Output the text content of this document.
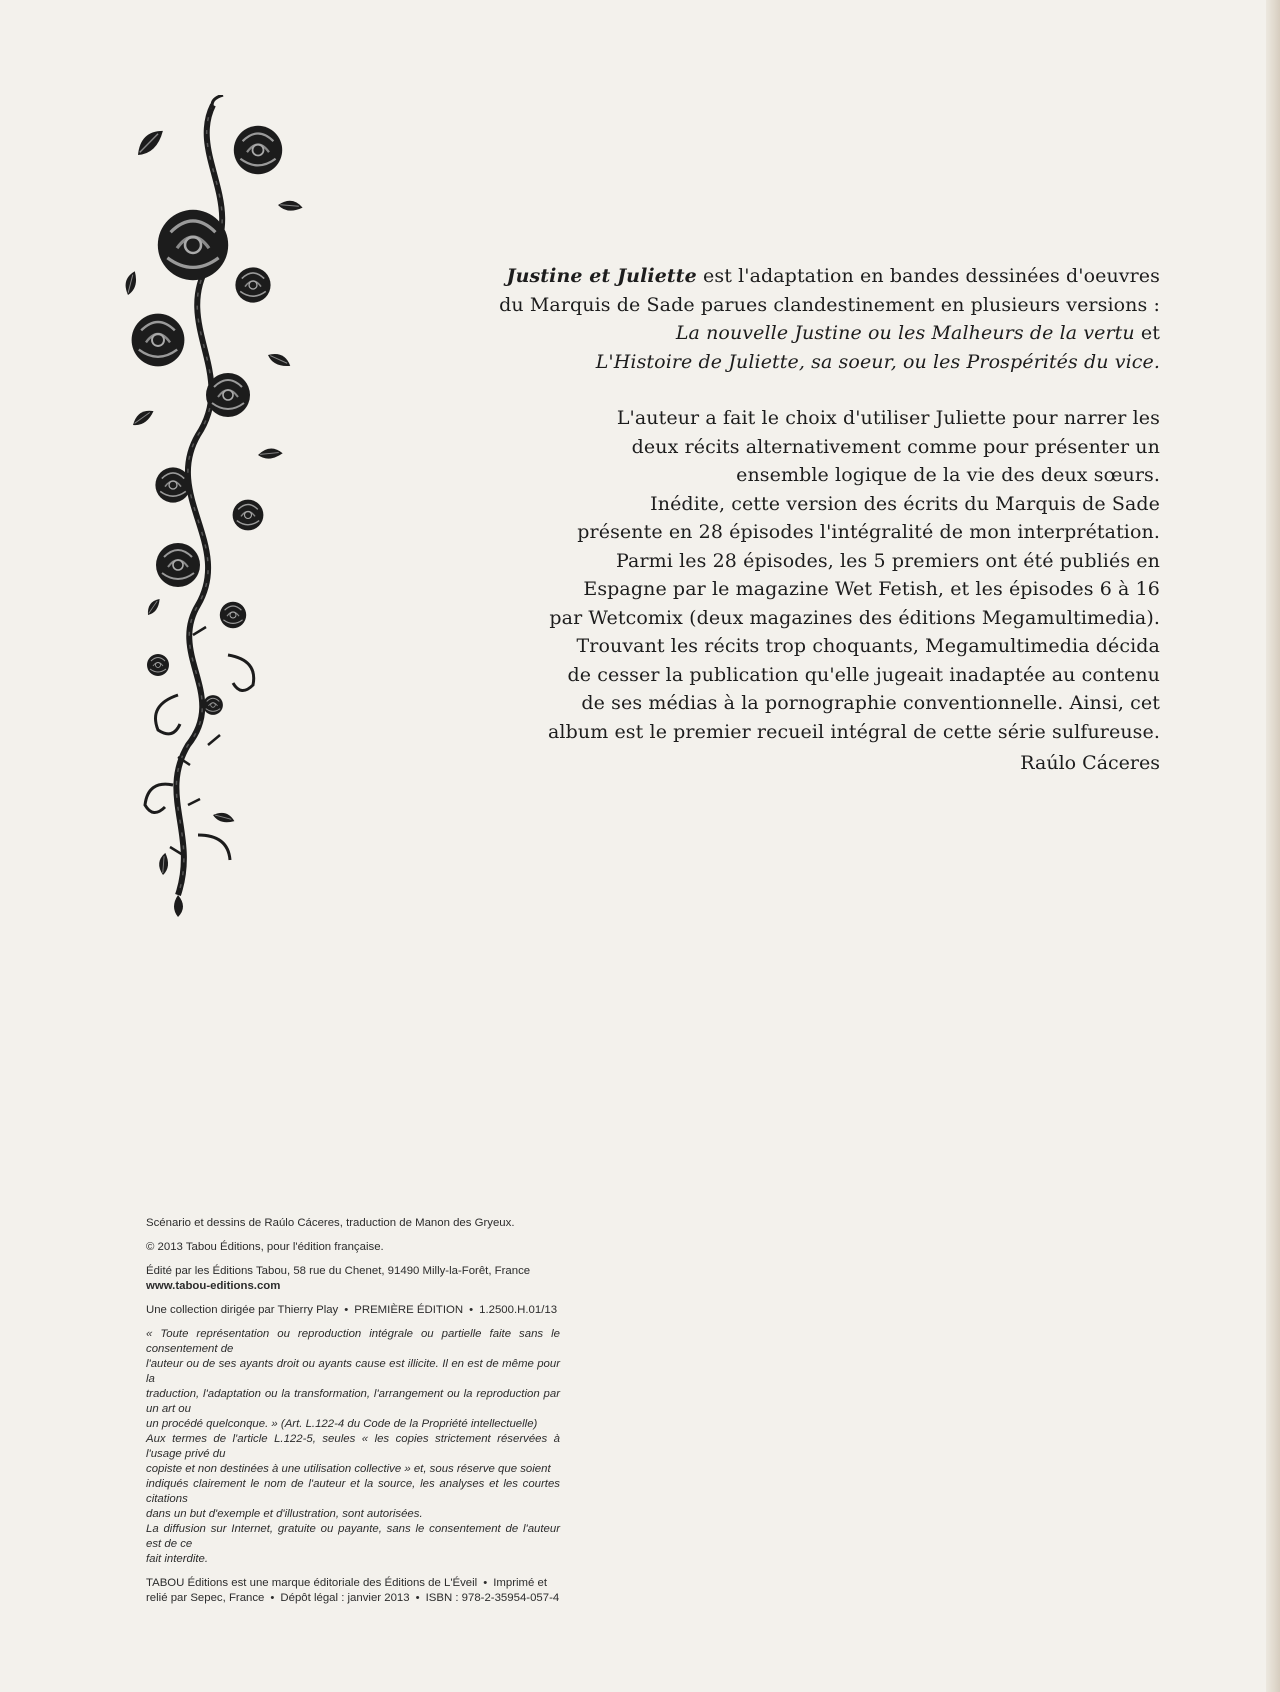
Justine et Juliette est l'adaptation en bandes dessinées d'oeuvres
du Marquis de Sade parues clandestinement en plusieurs versions :
La nouvelle Justine ou les Malheurs de la vertu et
L'Histoire de Juliette, sa soeur, ou les Prospérités du vice.

L'auteur a fait le choix d'utiliser Juliette pour narrer les
deux récits alternativement comme pour présenter un
ensemble logique de la vie des deux sœurs.
Inédite, cette version des écrits du Marquis de Sade
présente en 28 épisodes l'intégralité de mon interprétation.
Parmi les 28 épisodes, les 5 premiers ont été publiés en
Espagne par le magazine Wet Fetish, et les épisodes 6 à 16
par Wetcomix (deux magazines des éditions Megamultimedia).
Trouvant les récits trop choquants, Megamultimedia décida
de cesser la publication qu'elle jugeait inadaptée au contenu
de ses médias à la pornographie conventionnelle. Ainsi, cet
album est le premier recueil intégral de cette série sulfureuse.

Raúlo Cáceres

Scénario et dessins de Raúlo Cáceres, traduction de Manon des Gryeux.

© 2013 Tabou Éditions, pour l'édition française.

Édité par les Éditions Tabou, 58 rue du Chenet, 91490 Milly-la-Forêt, France
www.tabou-editions.com

Une collection dirigée par Thierry Play • PREMIÈRE ÉDITION • 1.2500.H.01/13

« Toute représentation ou reproduction intégrale ou partielle faite sans le consentement de
l'auteur ou de ses ayants droit ou ayants cause est illicite. Il en est de même pour la
traduction, l'adaptation ou la transformation, l'arrangement ou la reproduction par un art ou
un procédé quelconque. » (Art. L.122-4 du Code de la Propriété intellectuelle)
Aux termes de l'article L.122-5, seules « les copies strictement réservées à l'usage privé du
copiste et non destinées à une utilisation collective » et, sous réserve que soient
indiqués clairement le nom de l'auteur et la source, les analyses et les courtes citations
dans un but d'exemple et d'illustration, sont autorisées.
La diffusion sur Internet, gratuite ou payante, sans le consentement de l'auteur est de ce
fait interdite.

TABOU Éditions est une marque éditoriale des Éditions de L'Éveil • Imprimé et
relié par Sepec, France • Dépôt légal : janvier 2013 • ISBN : 978-2-35954-057-4
